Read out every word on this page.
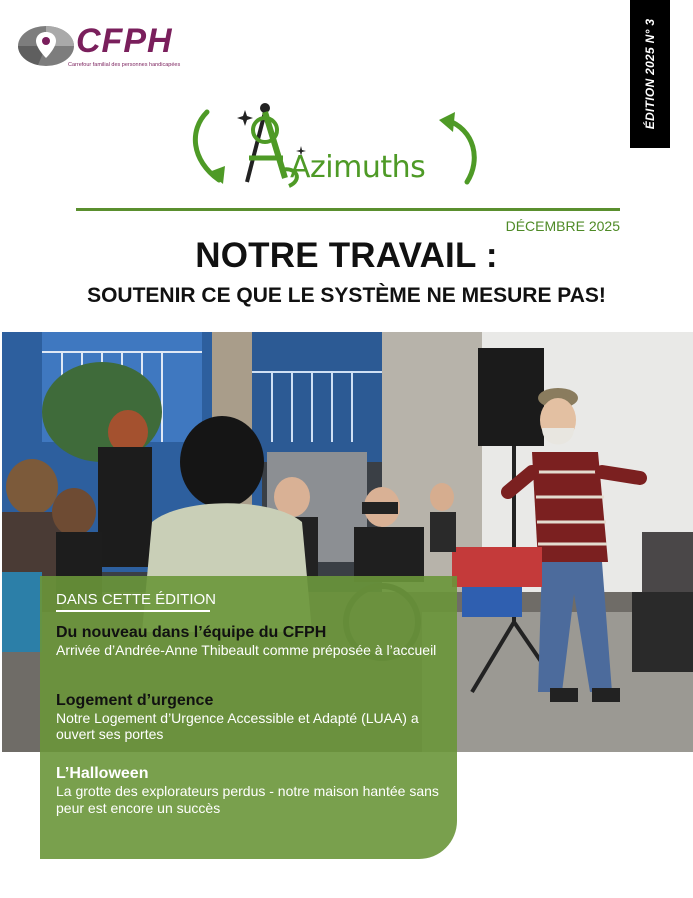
CFPH
Carrefour familial des personnes handicapées	ÉDITION 2025 N° 3
Azimuths
DÉCEMBRE 2025
NOTRE TRAVAIL :
SOUTENIR CE QUE LE SYSTÈME NE MESURE PAS!
DANS CETTE ÉDITION
Du nouveau dans l’équipe du CFPH
Arrivée d’Andrée-Anne Thibeault comme préposée à l’accueil
Logement d’urgence
Notre Logement d’Urgence Accessible et Adapté (LUAA) a ouvert ses portes
L’Halloween
La grotte des explorateurs perdus - notre maison hantée sans peur est encore un succès
